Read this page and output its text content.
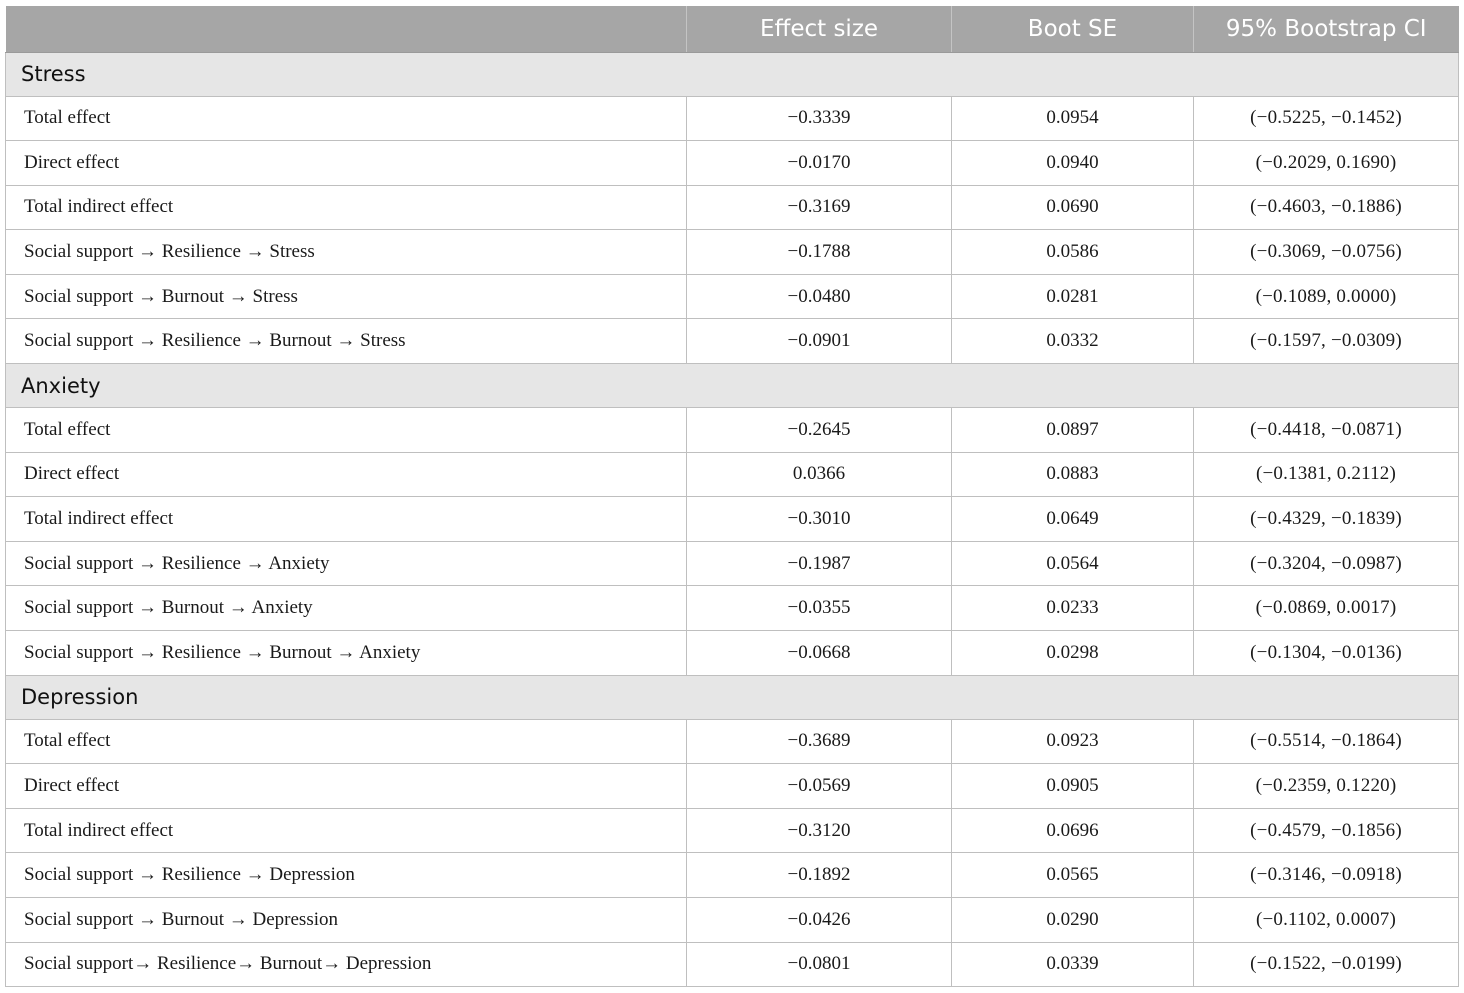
	Effect size	Boot SE	95% Bootstrap CI
Stress			
Total effect	−0.3339	0.0954	(−0.5225, −0.1452)
Direct effect	−0.0170	0.0940	(−0.2029, 0.1690)
Total indirect effect	−0.3169	0.0690	(−0.4603, −0.1886)
Social support → Resilience → Stress	−0.1788	0.0586	(−0.3069, −0.0756)
Social support → Burnout → Stress	−0.0480	0.0281	(−0.1089, 0.0000)
Social support → Resilience → Burnout → Stress	−0.0901	0.0332	(−0.1597, −0.0309)
Anxiety			
Total effect	−0.2645	0.0897	(−0.4418, −0.0871)
Direct effect	0.0366	0.0883	(−0.1381, 0.2112)
Total indirect effect	−0.3010	0.0649	(−0.4329, −0.1839)
Social support → Resilience → Anxiety	−0.1987	0.0564	(−0.3204, −0.0987)
Social support → Burnout → Anxiety	−0.0355	0.0233	(−0.0869, 0.0017)
Social support → Resilience → Burnout → Anxiety	−0.0668	0.0298	(−0.1304, −0.0136)
Depression			
Total effect	−0.3689	0.0923	(−0.5514, −0.1864)
Direct effect	−0.0569	0.0905	(−0.2359, 0.1220)
Total indirect effect	−0.3120	0.0696	(−0.4579, −0.1856)
Social support → Resilience → Depression	−0.1892	0.0565	(−0.3146, −0.0918)
Social support → Burnout → Depression	−0.0426	0.0290	(−0.1102, 0.0007)
Social support→ Resilience→ Burnout→ Depression	−0.0801	0.0339	(−0.1522, −0.0199)
